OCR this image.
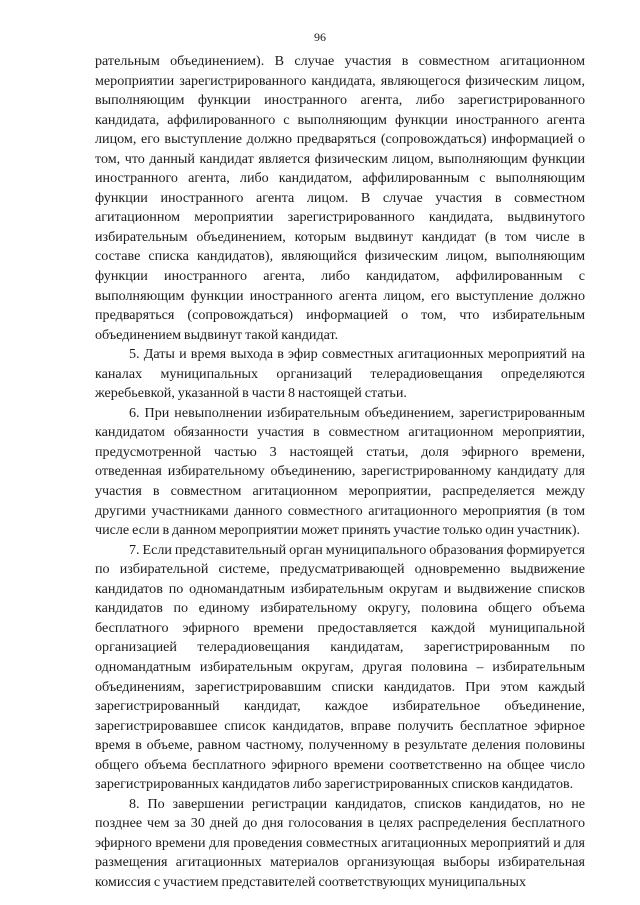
96

рательным объединением). В случае участия в совместном агитационном мероприятии зарегистрированного кандидата, являющегося физическим лицом, выполняющим функции иностранного агента, либо зарегистрированного кандидата, аффилированного с выполняющим функции иностранного агента лицом, его выступление должно предваряться (сопровождаться) информацией о том, что данный кандидат является физическим лицом, выполняющим функции иностранного агента, либо кандидатом, аффилированным с выполняющим функции иностранного агента лицом. В случае участия в совместном агитационном мероприятии зарегистрированного кандидата, выдвинутого избирательным объединением, которым выдвинут кандидат (в том числе в составе списка кандидатов), являющийся физическим лицом, выполняющим функции иностранного агента, либо кандидатом, аффилированным с выполняющим функции иностранного агента лицом, его выступление должно предваряться (сопровождаться) информацией о том, что избирательным объединением выдвинут такой кандидат.

5. Даты и время выхода в эфир совместных агитационных мероприятий на каналах муниципальных организаций телерадиовещания определяются жеребьевкой, указанной в части 8 настоящей статьи.

6. При невыполнении избирательным объединением, зарегистрированным кандидатом обязанности участия в совместном агитационном мероприятии, предусмотренной частью 3 настоящей статьи, доля эфирного времени, отведенная избирательному объединению, зарегистрированному кандидату для участия в совместном агитационном мероприятии, распределяется между другими участниками данного совместного агитационного мероприятия (в том числе если в данном мероприятии может принять участие только один участник).

7. Если представительный орган муниципального образования формируется по избирательной системе, предусматривающей одновременно выдвижение кандидатов по одномандатным избирательным округам и выдвижение списков кандидатов по единому избирательному округу, половина общего объема бесплатного эфирного времени предоставляется каждой муниципальной организацией телерадиовещания кандидатам, зарегистрированным по одномандатным избирательным округам, другая половина – избирательным объединениям, зарегистрировавшим списки кандидатов. При этом каждый зарегистрированный кандидат, каждое избирательное объединение, зарегистрировавшее список кандидатов, вправе получить бесплатное эфирное время в объеме, равном частному, полученному в результате деления половины общего объема бесплатного эфирного времени соответственно на общее число зарегистрированных кандидатов либо зарегистрированных списков кандидатов.

8. По завершении регистрации кандидатов, списков кандидатов, но не позднее чем за 30 дней до дня голосования в целях распределения бесплатного эфирного времени для проведения совместных агитационных мероприятий и для размещения агитационных материалов организующая выборы избирательная комиссия с участием представителей соответствующих муниципальных
